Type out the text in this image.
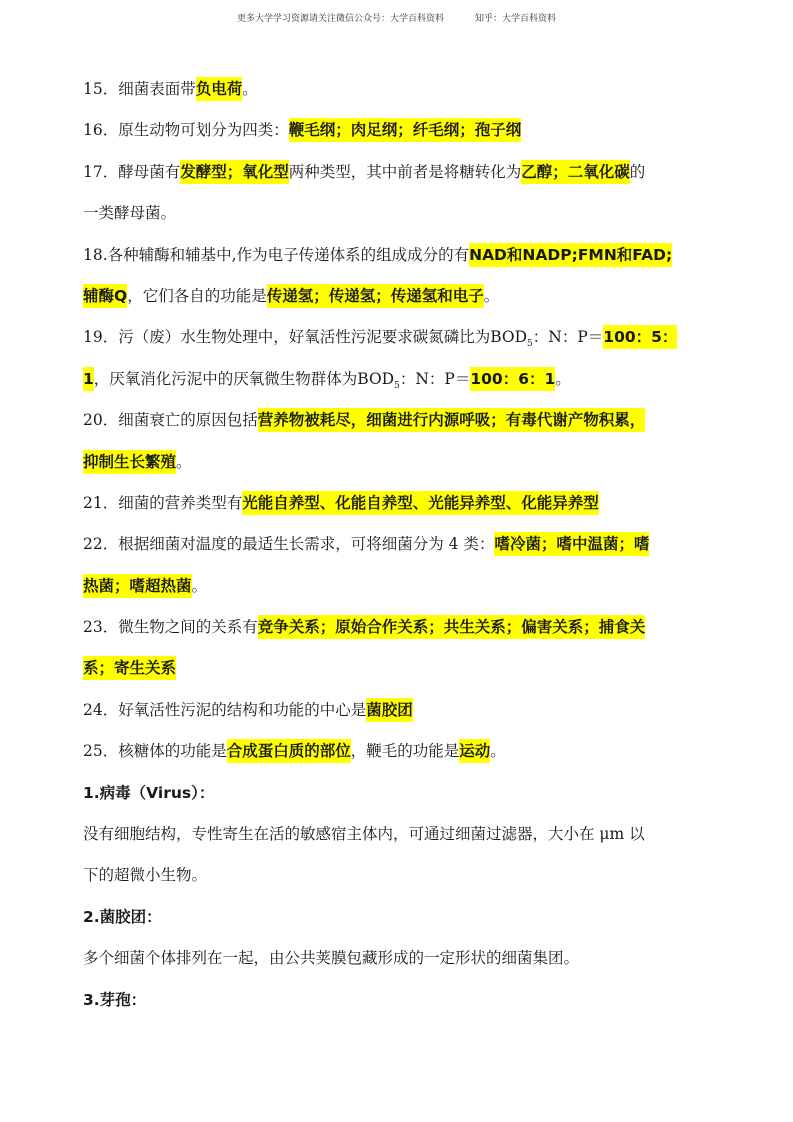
更多大学学习资源请关注微信公众号：大学百科资料	知乎：大学百科资料
15．细菌表面带负电荷。
16．原生动物可划分为四类：鞭毛纲；肉足纲；纤毛纲；孢子纲
17．酵母菌有发酵型；氧化型两种类型，其中前者是将糖转化为乙醇；二氧化碳的
一类酵母菌。
18.各种辅酶和辅基中,作为电子传递体系的组成成分的有NAD和NADP;FMN和FAD;
辅酶Q，它们各自的功能是传递氢；传递氢；传递氢和电子。
19．污（废）水生物处理中，好氧活性污泥要求碳氮磷比为$BOD_5$：N：P＝100：5：
1，厌氧消化污泥中的厌氧微生物群体为$BOD_5$：N：P＝100：6：1。
20．细菌衰亡的原因包括营养物被耗尽，细菌进行内源呼吸；有毒代谢产物积累，
抑制生长繁殖。
21．细菌的营养类型有光能自养型、化能自养型、光能异养型、化能异养型
22．根据细菌对温度的最适生长需求，可将细菌分为 4 类：嗜冷菌；嗜中温菌；嗜
热菌；嗜超热菌。
23．微生物之间的关系有竞争关系；原始合作关系；共生关系；偏害关系；捕食关
系；寄生关系
24．好氧活性污泥的结构和功能的中心是菌胶团
25．核糖体的功能是合成蛋白质的部位，鞭毛的功能是运动。
1.病毒（Virus）：
没有细胞结构，专性寄生在活的敏感宿主体内，可通过细菌过滤器，大小在 μm 以
下的超微小生物。
2.菌胶团：
多个细菌个体排列在一起，由公共荚膜包藏形成的一定形状的细菌集团。
3.芽孢：
